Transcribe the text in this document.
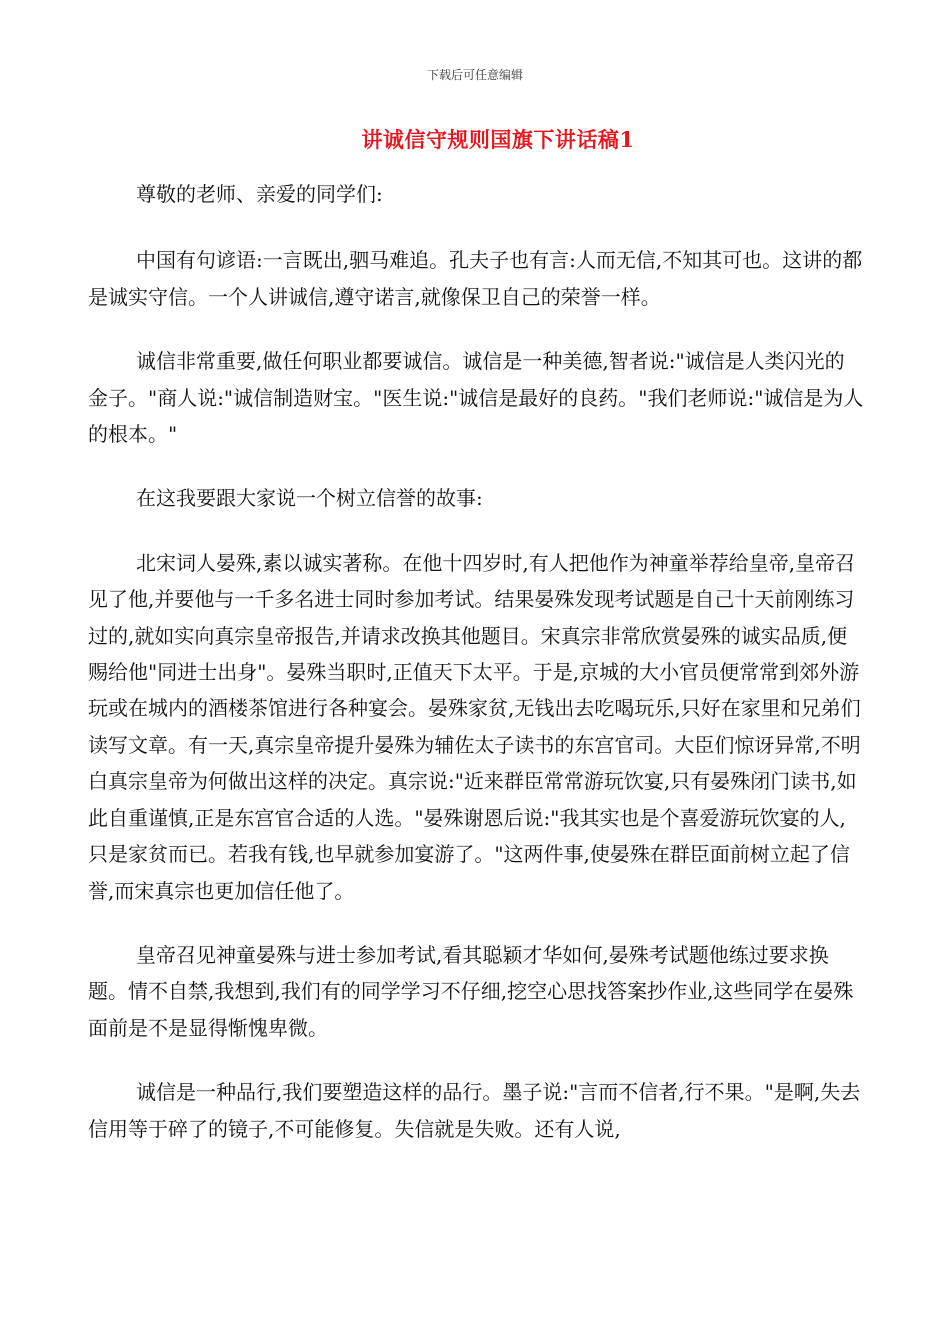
下载后可任意编辑
讲诚信守规则国旗下讲话稿1

尊敬的老师、亲爱的同学们:

中国有句谚语:一言既出,驷马难追。孔夫子也有言:人而无信,不知其可也。这讲的都是诚实守信。一个人讲诚信,遵守诺言,就像保卫自己的荣誉一样。

诚信非常重要,做任何职业都要诚信。诚信是一种美德,智者说:"诚信是人类闪光的金子。"商人说:"诚信制造财宝。"医生说:"诚信是最好的良药。"我们老师说:"诚信是为人的根本。"

在这我要跟大家说一个树立信誉的故事:

北宋词人晏殊,素以诚实著称。在他十四岁时,有人把他作为神童举荐给皇帝,皇帝召见了他,并要他与一千多名进士同时参加考试。结果晏殊发现考试题是自己十天前刚练习过的,就如实向真宗皇帝报告,并请求改换其他题目。宋真宗非常欣赏晏殊的诚实品质,便赐给他"同进士出身"。晏殊当职时,正值天下太平。于是,京城的大小官员便常常到郊外游玩或在城内的酒楼茶馆进行各种宴会。晏殊家贫,无钱出去吃喝玩乐,只好在家里和兄弟们读写文章。有一天,真宗皇帝提升晏殊为辅佐太子读书的东宫官司。大臣们惊讶异常,不明白真宗皇帝为何做出这样的决定。真宗说:"近来群臣常常游玩饮宴,只有晏殊闭门读书,如此自重谨慎,正是东宫官合适的人选。"晏殊谢恩后说:"我其实也是个喜爱游玩饮宴的人,只是家贫而已。若我有钱,也早就参加宴游了。"这两件事,使晏殊在群臣面前树立起了信誉,而宋真宗也更加信任他了。

皇帝召见神童晏殊与进士参加考试,看其聪颖才华如何,晏殊考试题他练过要求换题。情不自禁,我想到,我们有的同学学习不仔细,挖空心思找答案抄作业,这些同学在晏殊面前是不是显得惭愧卑微。

诚信是一种品行,我们要塑造这样的品行。墨子说:"言而不信者,行不果。"是啊,失去信用等于碎了的镜子,不可能修复。失信就是失败。还有人说,
